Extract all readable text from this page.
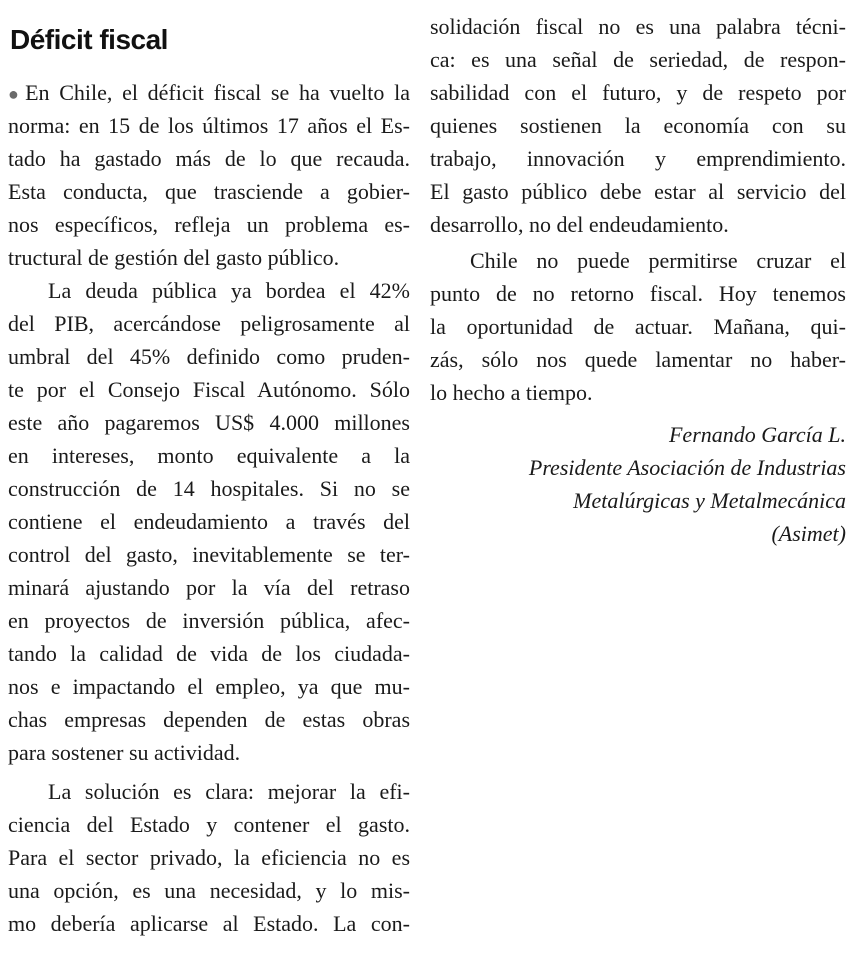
Déficit fiscal
●En Chile, el déficit fiscal se ha vuelto la
norma: en 15 de los últimos 17 años el Es-
tado ha gastado más de lo que recauda.
Esta conducta, que trasciende a gobier-
nos específicos, refleja un problema es-
tructural de gestión del gasto público.
La deuda pública ya bordea el 42%
del PIB, acercándose peligrosamente al
umbral del 45% definido como pruden-
te por el Consejo Fiscal Autónomo. Sólo
este año pagaremos US$ 4.000 millones
en intereses, monto equivalente a la
construcción de 14 hospitales. Si no se
contiene el endeudamiento a través del
control del gasto, inevitablemente se ter-
minará ajustando por la vía del retraso
en proyectos de inversión pública, afec-
tando la calidad de vida de los ciudada-
nos e impactando el empleo, ya que mu-
chas empresas dependen de estas obras
para sostener su actividad.
La solución es clara: mejorar la efi-
ciencia del Estado y contener el gasto.
Para el sector privado, la eficiencia no es
una opción, es una necesidad, y lo mis-
mo debería aplicarse al Estado. La con-
solidación fiscal no es una palabra técni-
ca: es una señal de seriedad, de respon-
sabilidad con el futuro, y de respeto por
quienes sostienen la economía con su
trabajo, innovación y emprendimiento.
El gasto público debe estar al servicio del
desarrollo, no del endeudamiento.
Chile no puede permitirse cruzar el
punto de no retorno fiscal. Hoy tenemos
la oportunidad de actuar. Mañana, qui-
zás, sólo nos quede lamentar no haber-
lo hecho a tiempo.
Fernando García L.
Presidente Asociación de Industrias
Metalúrgicas y Metalmecánica
(Asimet)
